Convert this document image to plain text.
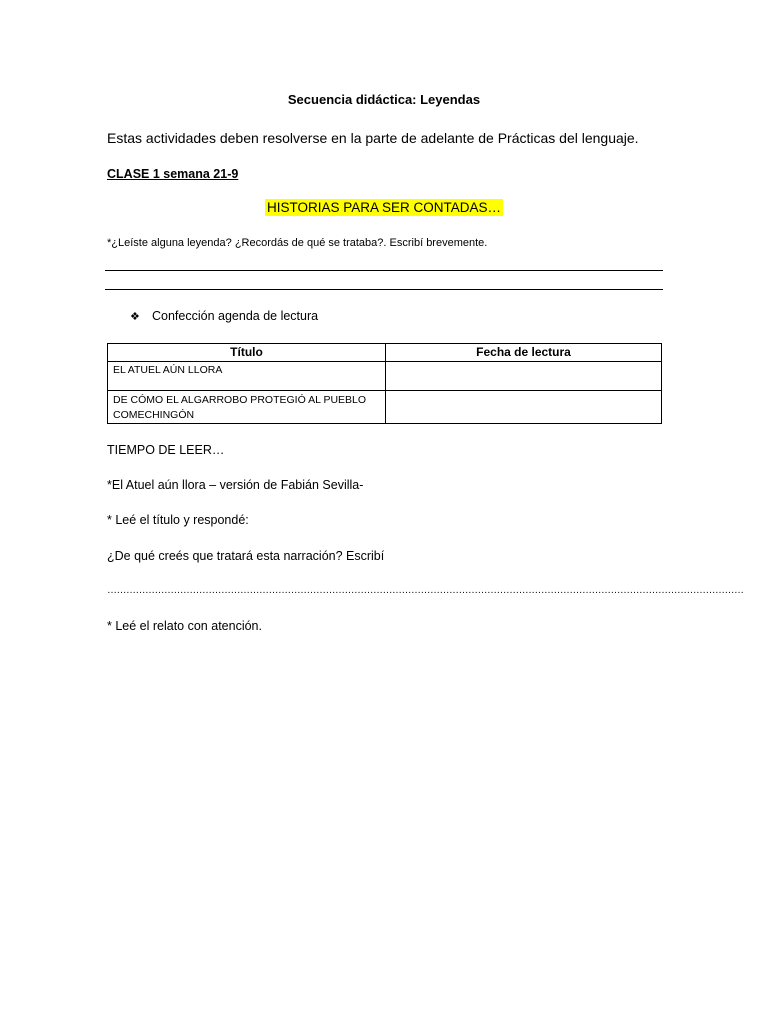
Secuencia didáctica: Leyendas
Estas actividades deben resolverse en la parte de adelante de Prácticas del lenguaje.
CLASE 1 semana 21-9
HISTORIAS PARA SER CONTADAS…
*¿Leíste alguna leyenda? ¿Recordás de qué se trataba?. Escribí brevemente.
❖ Confección agenda de lectura
Título	Fecha de lectura
EL ATUEL AÚN LLORA	
DE CÓMO EL ALGARROBO PROTEGIÓ AL PUEBLO COMECHINGÓN	
TIEMPO DE LEER…
*El Atuel aún llora – versión de Fabián Sevilla-
* Leé el título y respondé:
¿De qué creés que tratará esta narración? Escribí
…………………………………………………………………………………………………………………………………………………………………………………
* Leé el relato con atención.
